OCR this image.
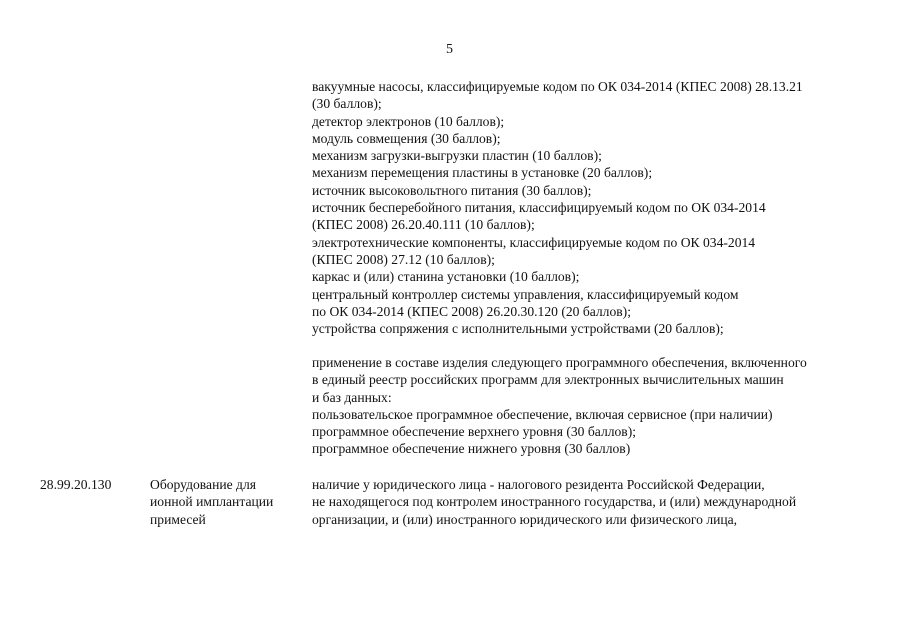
5
вакуумные насосы, классифицируемые кодом по ОК 034-2014 (КПЕС 2008) 28.13.21
(30 баллов);
детектор электронов (10 баллов);
модуль совмещения (30 баллов);
механизм загрузки-выгрузки пластин (10 баллов);
механизм перемещения пластины в установке (20 баллов);
источник высоковольтного питания (30 баллов);
источник бесперебойного питания, классифицируемый кодом по ОК 034-2014
(КПЕС 2008) 26.20.40.111 (10 баллов);
электротехнические компоненты, классифицируемые кодом по ОК 034-2014
(КПЕС 2008) 27.12 (10 баллов);
каркас и (или) станина установки (10 баллов);
центральный контроллер системы управления, классифицируемый кодом
по ОК 034-2014 (КПЕС 2008) 26.20.30.120 (20 баллов);
устройства сопряжения с исполнительными устройствами (20 баллов);
применение в составе изделия следующего программного обеспечения, включенного
в единый реестр российских программ для электронных вычислительных машин
и баз данных:
пользовательское программное обеспечение, включая сервисное (при наличии)
программное обеспечение верхнего уровня (30 баллов);
программное обеспечение нижнего уровня (30 баллов)
28.99.20.130	Оборудование для
ионной имплантации
примесей
наличие у юридического лица - налогового резидента Российской Федерации,
не находящегося под контролем иностранного государства, и (или) международной
организации, и (или) иностранного юридического или физического лица,
